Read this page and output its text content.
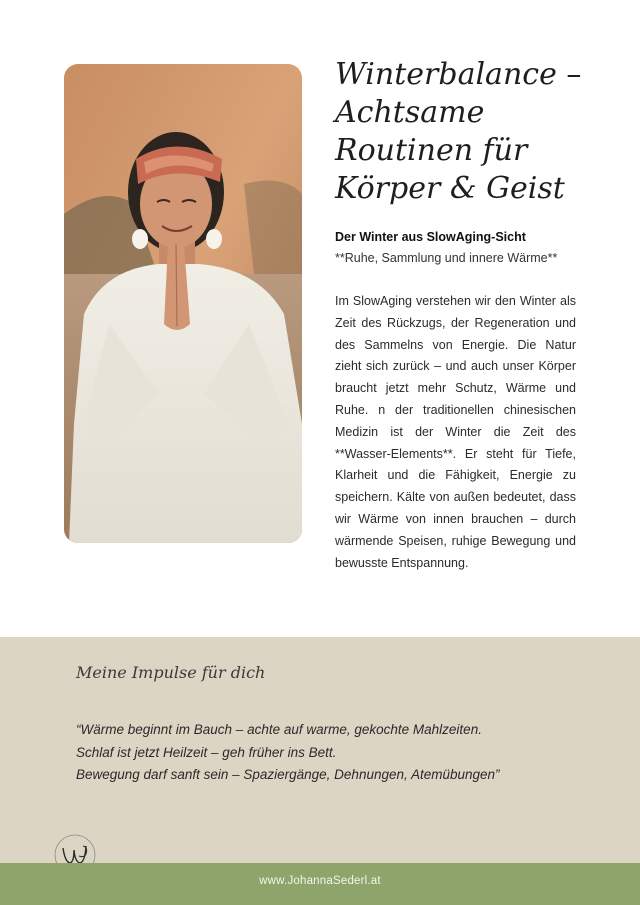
Winterbalance –
Achtsame
Routinen für
Körper & Geist
Der Winter aus SlowAging-Sicht
**Ruhe, Sammlung und innere Wärme**

Im SlowAging verstehen wir den Winter als Zeit des Rückzugs, der Regeneration und des Sammelns von Energie. Die Natur zieht sich zurück – und auch unser Körper braucht jetzt mehr Schutz, Wärme und Ruhe. n der traditionellen chinesischen Medizin ist der Winter die Zeit des **Wasser-Elements**. Er steht für Tiefe, Klarheit und die Fähigkeit, Energie zu speichern. Kälte von außen bedeutet, dass wir Wärme von innen brauchen – durch wärmende Speisen, ruhige Bewegung und bewusste Entspannung.

Meine Impulse für dich
“Wärme beginnt im Bauch – achte auf warme, gekochte Mahlzeiten.
Schlaf ist jetzt Heilzeit – geh früher ins Bett.
Bewegung darf sanft sein – Spaziergänge, Dehnungen, Atemübungen”
www.JohannaSederl.at
